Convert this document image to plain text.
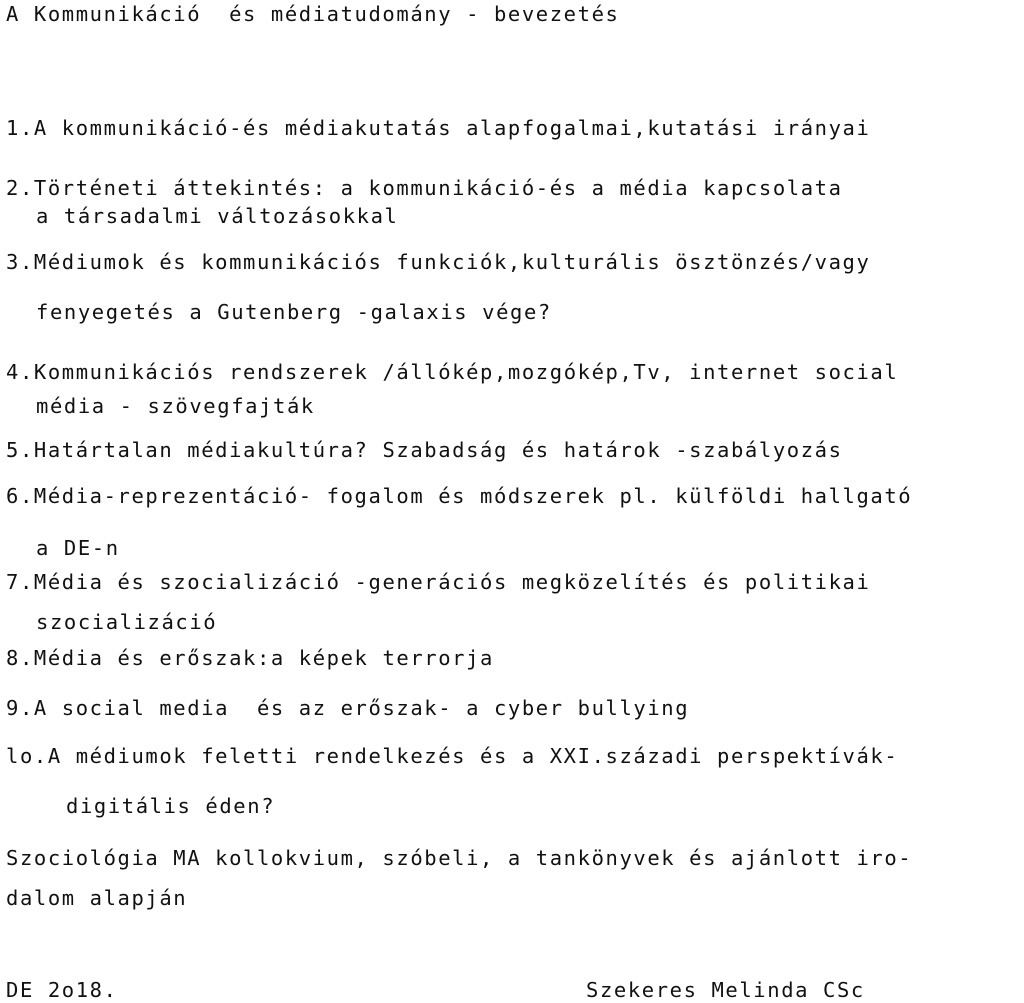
A Kommunikáció  és médiatudomány - bevezetés
1.A kommunikáció-és médiakutatás alapfogalmai,kutatási irányai
2.Történeti áttekintés: a kommunikáció-és a média kapcsolata
a társadalmi változásokkal
3.Médiumok és kommunikációs funkciók,kulturális ösztönzés/vagy
fenyegetés a Gutenberg -galaxis vége?
4.Kommunikációs rendszerek /állókép,mozgókép,Tv, internet social
média - szövegfajták
5.Határtalan médiakultúra? Szabadság és határok -szabályozás
6.Média-reprezentáció- fogalom és módszerek pl. külföldi hallgató
a DE-n
7.Média és szocializáció -generációs megközelítés és politikai
szocializáció
8.Média és erőszak:a képek terrorja
9.A social media  és az erőszak- a cyber bullying
lo.A médiumok feletti rendelkezés és a XXI.századi perspektívák-
digitális éden?
Szociológia MA kollokvium, szóbeli, a tankönyvek és ajánlott iro-
dalom alapján
DE 2o18.	Szekeres Melinda CSc
